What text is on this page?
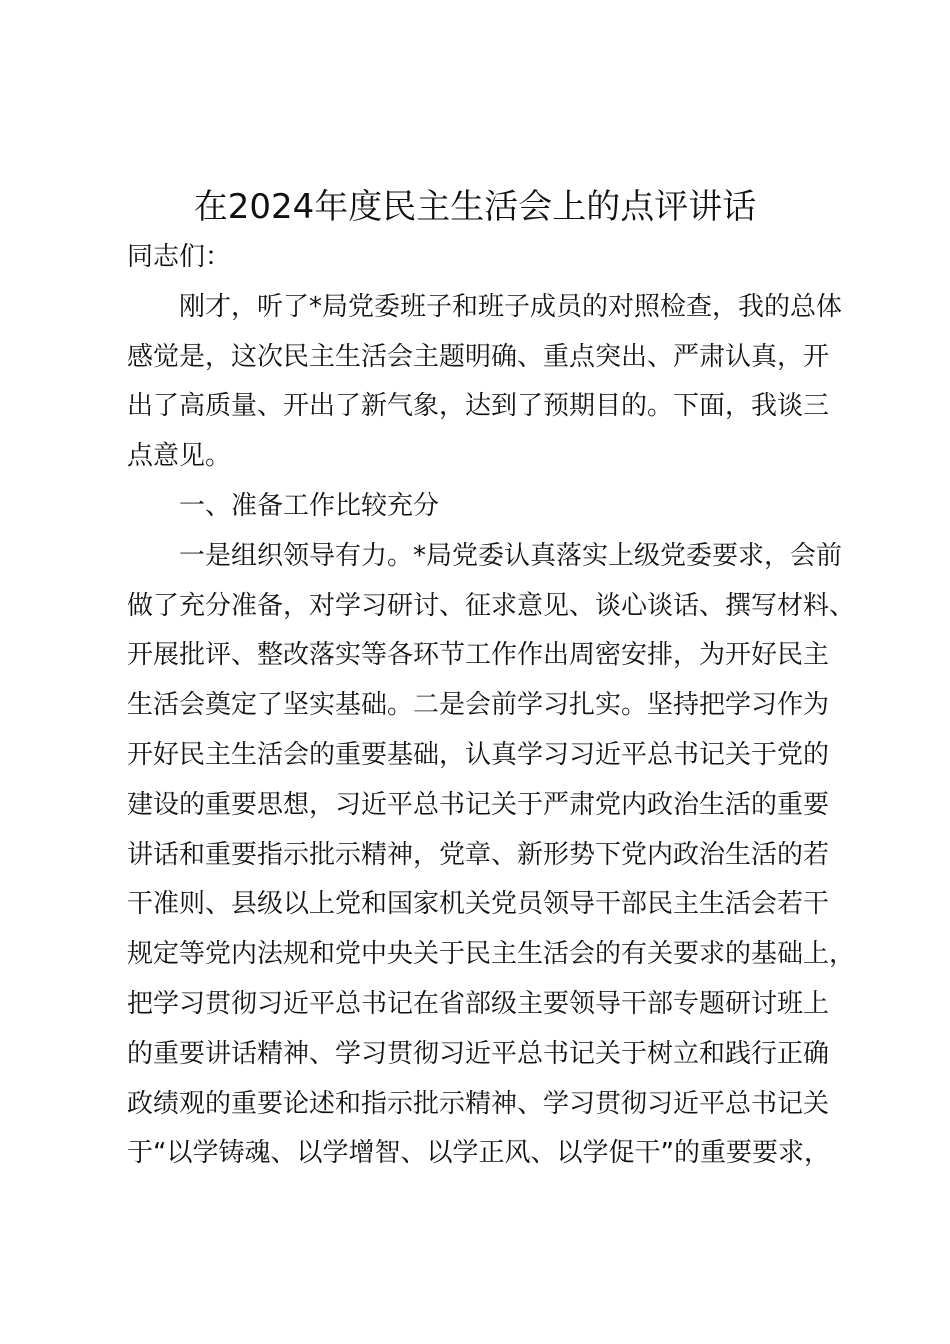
在2024年度民主生活会上的点评讲话
同志们：
　　刚才，听了*局党委班子和班子成员的对照检查，我的总体
感觉是，这次民主生活会主题明确、重点突出、严肃认真，开
出了高质量、开出了新气象，达到了预期目的。下面，我谈三
点意见。
　　一、准备工作比较充分
　　一是组织领导有力。*局党委认真落实上级党委要求，会前
做了充分准备，对学习研讨、征求意见、谈心谈话、撰写材料、
开展批评、整改落实等各环节工作作出周密安排，为开好民主
生活会奠定了坚实基础。二是会前学习扎实。坚持把学习作为
开好民主生活会的重要基础，认真学习习近平总书记关于党的
建设的重要思想，习近平总书记关于严肃党内政治生活的重要
讲话和重要指示批示精神，党章、新形势下党内政治生活的若
干准则、县级以上党和国家机关党员领导干部民主生活会若干
规定等党内法规和党中央关于民主生活会的有关要求的基础上，
把学习贯彻习近平总书记在省部级主要领导干部专题研讨班上
的重要讲话精神、学习贯彻习近平总书记关于树立和践行正确
政绩观的重要论述和指示批示精神、学习贯彻习近平总书记关
于“以学铸魂、以学增智、以学正风、以学促干”的重要要求，
